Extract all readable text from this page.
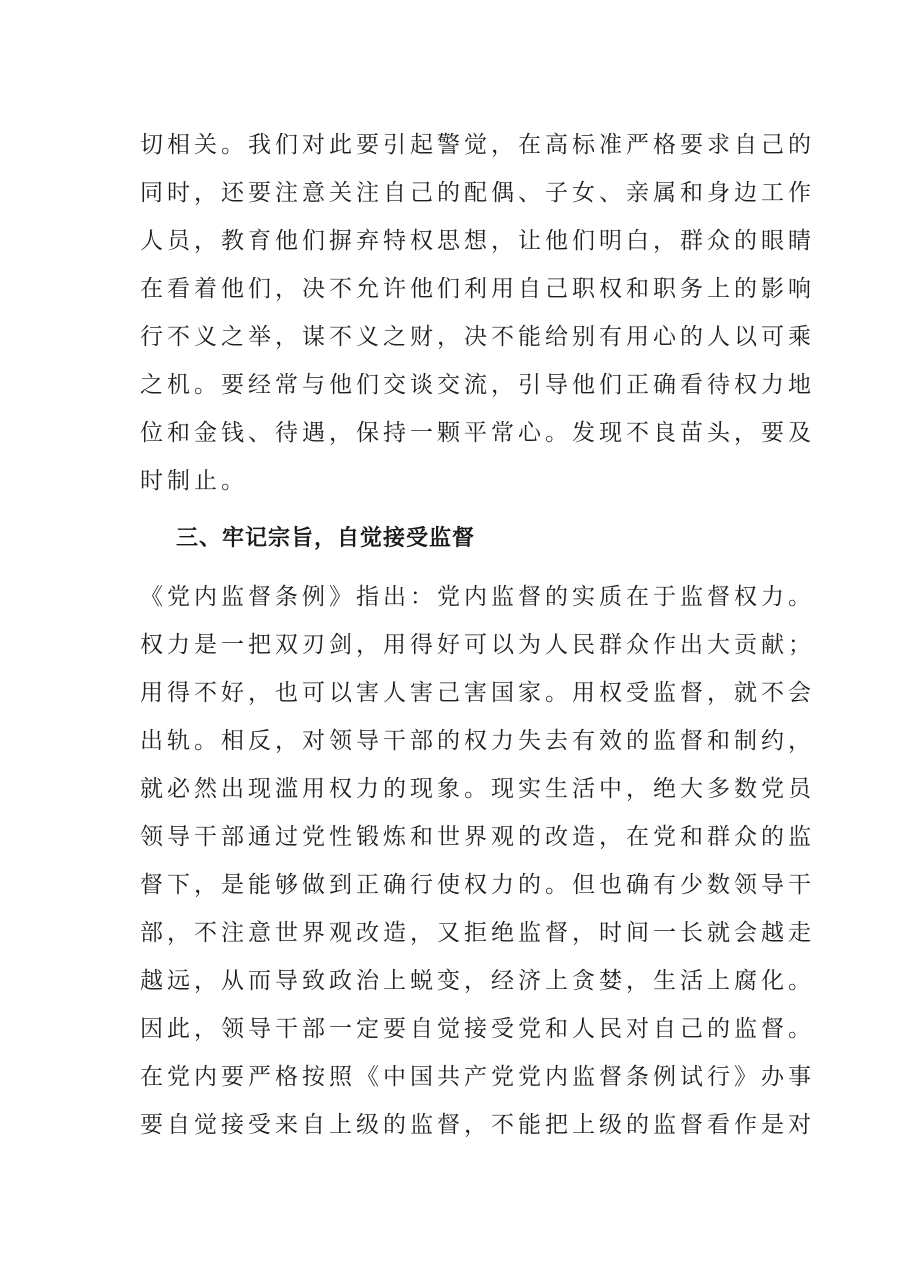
切相关。我们对此要引起警觉，在高标准严格要求自己的
同时，还要注意关注自己的配偶、子女、亲属和身边工作
人员，教育他们摒弃特权思想，让他们明白，群众的眼睛
在看着他们，决不允许他们利用自己职权和职务上的影响
行不义之举，谋不义之财，决不能给别有用心的人以可乘
之机。要经常与他们交谈交流，引导他们正确看待权力地
位和金钱、待遇，保持一颗平常心。发现不良苗头，要及
时制止。
三、牢记宗旨，自觉接受监督
《党内监督条例》指出：党内监督的实质在于监督权力。
权力是一把双刃剑，用得好可以为人民群众作出大贡献；
用得不好，也可以害人害己害国家。用权受监督，就不会
出轨。相反，对领导干部的权力失去有效的监督和制约，
就必然出现滥用权力的现象。现实生活中，绝大多数党员
领导干部通过党性锻炼和世界观的改造，在党和群众的监
督下，是能够做到正确行使权力的。但也确有少数领导干
部，不注意世界观改造，又拒绝监督，时间一长就会越走
越远，从而导致政治上蜕变，经济上贪婪，生活上腐化。
因此，领导干部一定要自觉接受党和人民对自己的监督。
在党内要严格按照《中国共产党党内监督条例试行》办事
要自觉接受来自上级的监督，不能把上级的监督看作是对
